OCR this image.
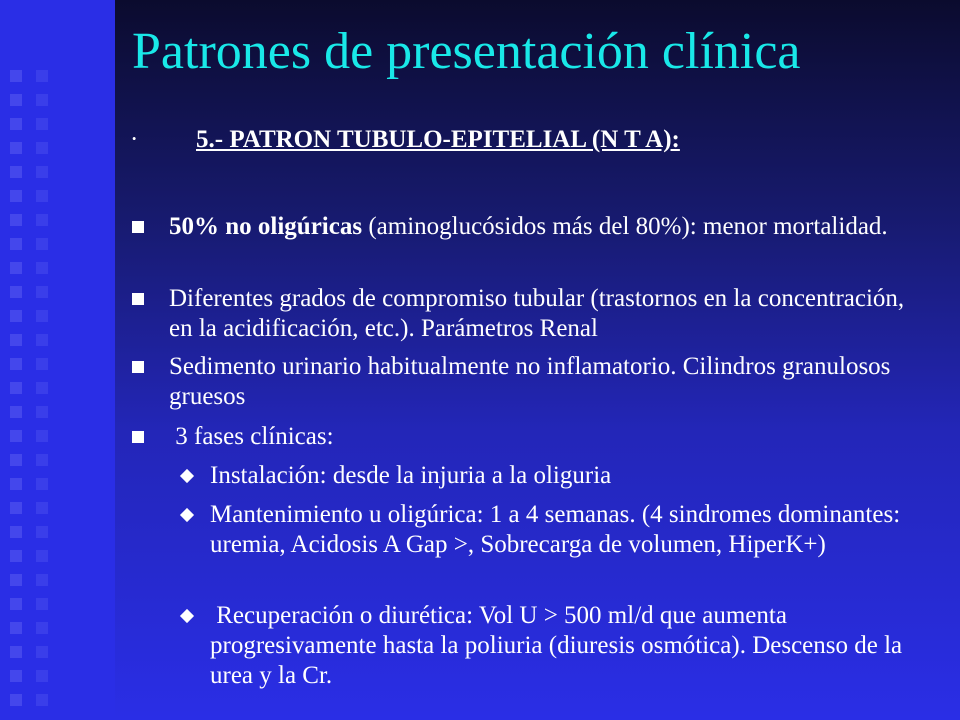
Patrones de presentación clínica
· 5.- PATRON TUBULO-EPITELIAL (N T A):
50% no oligúricas (aminoglucósidos más del 80%): menor mortalidad.
Diferentes grados de compromiso tubular (trastornos en la concentración, en la acidificación, etc.). Parámetros Renal
Sedimento urinario habitualmente no inflamatorio. Cilindros granulosos gruesos
3 fases clínicas:
Instalación: desde la injuria a la oliguria
Mantenimiento u oligúrica: 1 a 4 semanas. (4 sindromes dominantes: uremia, Acidosis A Gap >, Sobrecarga de volumen, HiperK+)
Recuperación o diurética: Vol U > 500 ml/d que aumenta progresivamente hasta la poliuria (diuresis osmótica). Descenso de la urea y la Cr.
